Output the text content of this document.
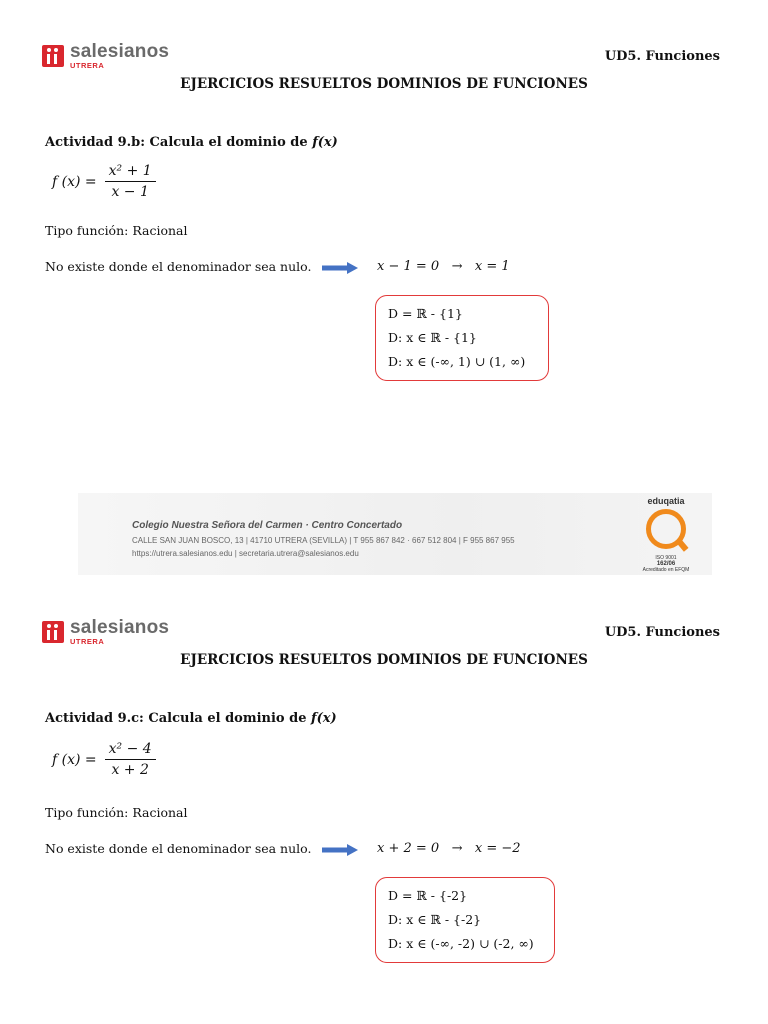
salesianos
UTRERA
UD5. Funciones
EJERCICIOS RESUELTOS DOMINIOS DE FUNCIONES
Actividad 9.b: Calcula el dominio de f(x)
f $(x) = \frac{\text{x² + 1}}{x - 1}$
Tipo función: Racional
No existe donde el denominador sea nulo.	x − 1 = 0   →   x = 1
D = ℝ - {1}
D: x ∈ ℝ - {1}
D: x ∈ (-∞, 1) ∪ (1, ∞)
Colegio Nuestra Señora del Carmen · Centro Concertado
CALLE SAN JUAN BOSCO, 13 | 41710 UTRERA (SEVILLA) | T 955 867 842 · 667 512 804 | F 955 867 955
https://utrera.salesianos.edu | secretaria.utrera@salesianos.edu
eduqatia
ISO 9001
162/06
Acreditado en EFQM
salesianos
UTRERA
UD5. Funciones
EJERCICIOS RESUELTOS DOMINIOS DE FUNCIONES
Actividad 9.c: Calcula el dominio de f(x)
f $(x) = \frac{\text{x² − 4}}{x + 2}$
Tipo función: Racional
No existe donde el denominador sea nulo.	x + 2 = 0   →   x = −2
D = ℝ - {-2}
D: x ∈ ℝ - {-2}
D: x ∈ (-∞, -2) ∪ (-2, ∞)
